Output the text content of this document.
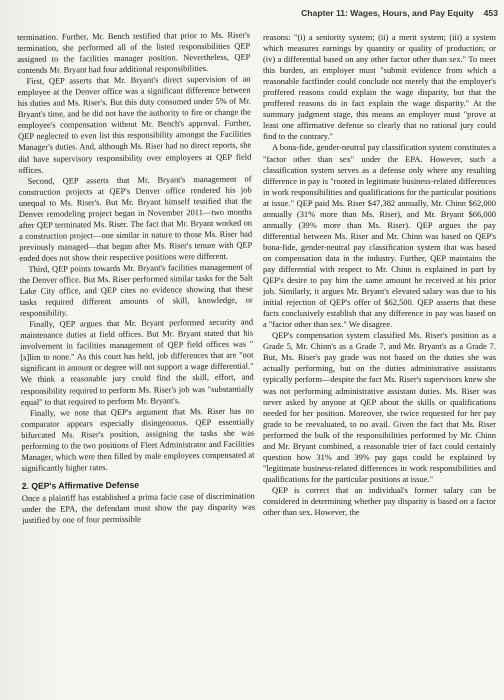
Chapter 11: Wages, Hours, and Pay Equity 453

termination. Further, Mr. Bench testified that prior to Ms. Riser's termination, she performed all of the listed responsibilities QEP assigned to the facilities manager position. Nevertheless, QEP contends Mr. Bryant had four additional responsibilities.

First, QEP asserts that Mr. Bryant's direct supervision of an employee at the Denver office was a significant difference between his duties and Ms. Riser's. But this duty consumed under 5% of Mr. Bryant's time, and he did not have the authority to fire or change the employee's compensation without Mr. Bench's approval. Further, QEP neglected to even list this responsibility amongst the Facilities Manager's duties. And, although Ms. Riser had no direct reports, she did have supervisory responsibility over employees at QEP field offices.

Second, QEP asserts that Mr. Bryant's management of construction projects at QEP's Denver office rendered his job unequal to Ms. Riser's. But Mr. Bryant himself testified that the Denver remodeling project began in November 2011—two months after QEP terminated Ms. Riser. The fact that Mr. Bryant worked on a construction project—one similar in nature to those Ms. Riser had previously managed—that began after Ms. Riser's tenure with QEP ended does not show their respective positions were different.

Third, QEP points towards Mr. Bryant's facilities management of the Denver office. But Ms. Riser performed similar tasks for the Salt Lake City office, and QEP cites no evidence showing that these tasks required different amounts of skill, knowledge, or responsibility.

Finally, QEP argues that Mr. Bryant performed security and maintenance duties at field offices. But Mr. Bryant stated that his involvement in facilities management of QEP field offices was "[s]lim to none." As this court has held, job differences that are "not significant in amount or degree will not support a wage differential." We think a reasonable jury could find the skill, effort, and responsibility required to perform Ms. Riser's job was "substantially equal" to that required to perform Mr. Bryant's.

Finally, we note that QEP's argument that Ms. Riser has no comparator appears especially disingenuous. QEP essentially bifurcated Ms. Riser's position, assigning the tasks she was performing to the two positions of Fleet Administrator and Facilities Manager, which were then filled by male employees compensated at significantly higher rates.

2. QEP's Affirmative Defense

Once a plaintiff has established a prima facie case of discrimination under the EPA, the defendant must show the pay disparity was justified by one of four permissible

reasons: "(i) a seniority system; (ii) a merit system; (iii) a system which measures earnings by quantity or quality of production; or (iv) a differential based on any other factor other than sex." To meet this burden, an employer must "submit evidence from which a reasonable factfinder could conclude not merely that the employer's proffered reasons could explain the wage disparity, but that the proffered reasons do in fact explain the wage disparity." At the summary judgment stage, this means an employer must "prove at least one affirmative defense so clearly that no rational jury could find to the contrary."

A bona-fide, gender-neutral pay classification system constitutes a "factor other than sex" under the EPA. However, such a classification system serves as a defense only where any resulting difference in pay is "rooted in legitimate business-related differences in work responsibilities and qualifications for the particular positions at issue." QEP paid Ms. Riser $47,382 annually, Mr. Chinn $62,000 annually (31% more than Ms. Riser), and Mr. Bryant $66,000 annually (39% more than Ms. Riser). QEP argues the pay differential between Ms. Riser and Mr. Chinn was based on QEP's bona-fide, gender-neutral pay classification system that was based on compensation data in the industry. Further, QEP maintains the pay differential with respect to Mr. Chinn is explained in part by QEP's desire to pay him the same amount he received at his prior job. Similarly, it argues Mr. Bryant's elevated salary was due to his initial rejection of QEP's offer of $62,500. QEP asserts that these facts conclusively establish that any difference in pay was based on a "factor other than sex." We disagree.

QEP's compensation system classified Ms. Riser's position as a Grade 5, Mr. Chinn's as a Grade 7, and Mr. Bryant's as a Grade 7. But, Ms. Riser's pay grade was not based on the duties she was actually performing, but on the duties administrative assistants typically perform—despite the fact Ms. Riser's supervisors knew she was not performing administrative assistant duties. Ms. Riser was never asked by anyone at QEP about the skills or qualifications needed for her position. Moreover, she twice requested for her pay grade to be reevaluated, to no avail. Given the fact that Ms. Riser performed the bulk of the responsibilities performed by Mr. Chinn and Mr. Bryant combined, a reasonable trier of fact could certainly question how 31% and 39% pay gaps could be explained by "legitimate business-related differences in work responsibilities and qualifications for the particular positions at issue."

QEP is correct that an individual's former salary can be considered in determining whether pay disparity is based on a factor other than sex. However, the
